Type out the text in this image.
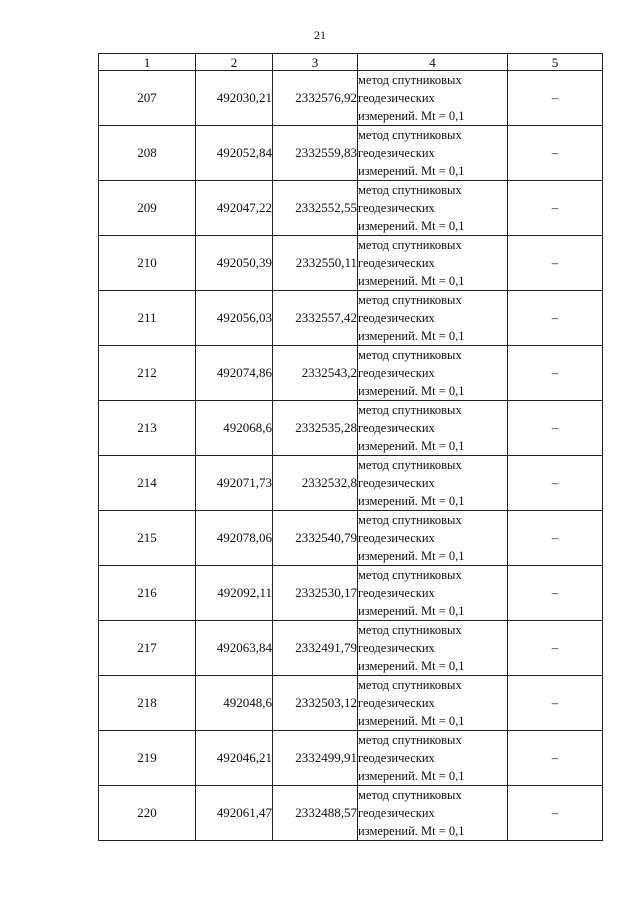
21
1	2	3	4	5
207	492030,21	2332576,92	метод спутниковых
геодезических
измерений. Mt = 0,1	–
208	492052,84	2332559,83	метод спутниковых
геодезических
измерений. Mt = 0,1	–
209	492047,22	2332552,55	метод спутниковых
геодезических
измерений. Mt = 0,1	–
210	492050,39	2332550,11	метод спутниковых
геодезических
измерений. Mt = 0,1	–
211	492056,03	2332557,42	метод спутниковых
геодезических
измерений. Mt = 0,1	–
212	492074,86	2332543,2	метод спутниковых
геодезических
измерений. Mt = 0,1	–
213	492068,6	2332535,28	метод спутниковых
геодезических
измерений. Mt = 0,1	–
214	492071,73	2332532,8	метод спутниковых
геодезических
измерений. Mt = 0,1	–
215	492078,06	2332540,79	метод спутниковых
геодезических
измерений. Mt = 0,1	–
216	492092,11	2332530,17	метод спутниковых
геодезических
измерений. Mt = 0,1	–
217	492063,84	2332491,79	метод спутниковых
геодезических
измерений. Mt = 0,1	–
218	492048,6	2332503,12	метод спутниковых
геодезических
измерений. Mt = 0,1	–
219	492046,21	2332499,91	метод спутниковых
геодезических
измерений. Mt = 0,1	–
220	492061,47	2332488,57	метод спутниковых
геодезических
измерений. Mt = 0,1	–
